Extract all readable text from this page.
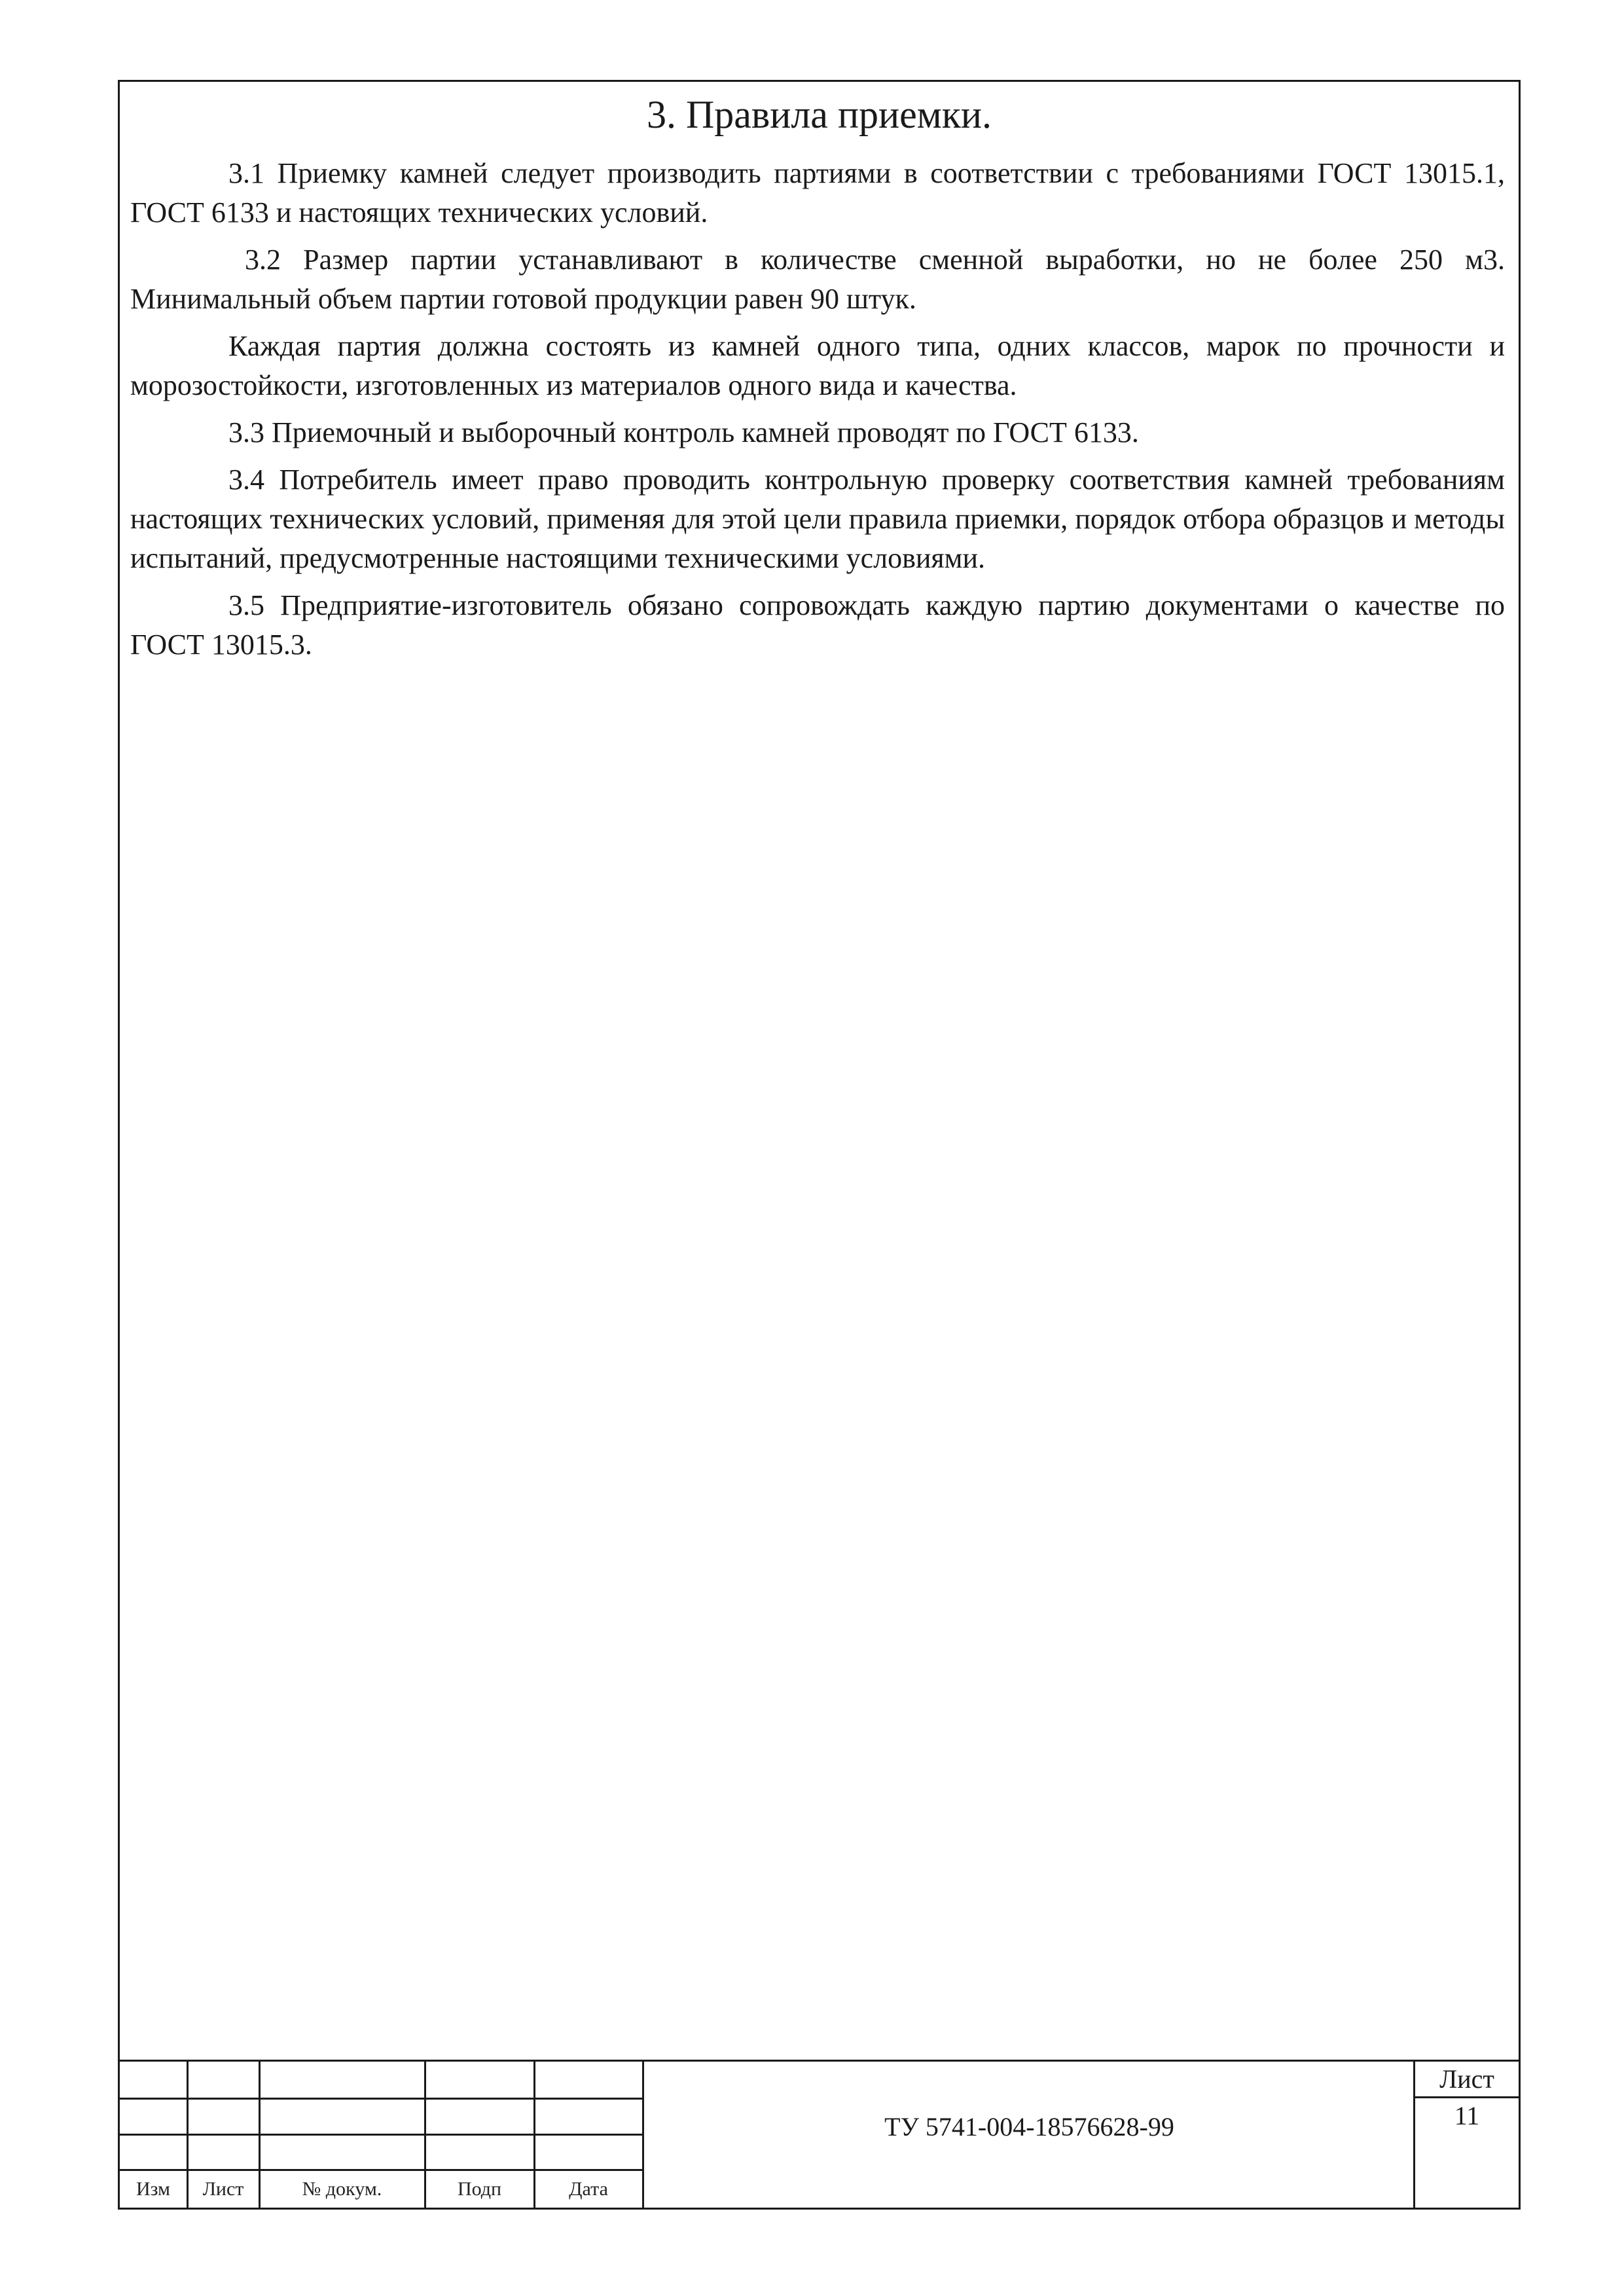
3. Правила приемки.

3.1 Приемку камней следует производить партиями в соответствии с требованиями ГОСТ 13015.1, ГОСТ 6133 и настоящих технических условий.

3.2 Размер партии устанавливают в количестве сменной выработки, но не более 250 м3. Минимальный объем партии готовой продукции равен 90 штук.

Каждая партия должна состоять из камней одного типа, одних классов, марок по прочности и морозостойкости, изготовленных из материалов одного вида и качества.

3.3 Приемочный и выборочный контроль камней проводят по ГОСТ 6133.

3.4 Потребитель имеет право проводить контрольную проверку соответствия камней требованиям настоящих технических условий, применяя для этой цели правила приемки, порядок отбора образцов и методы испытаний, предусмотренные настоящими техническими условиями.

3.5 Предприятие-изготовитель обязано сопровождать каждую партию документами о качестве по ГОСТ 13015.3.

Изм	Лист	№ докум.	Подп	Дата
ТУ 5741-004-18576628-99
Лист
11
